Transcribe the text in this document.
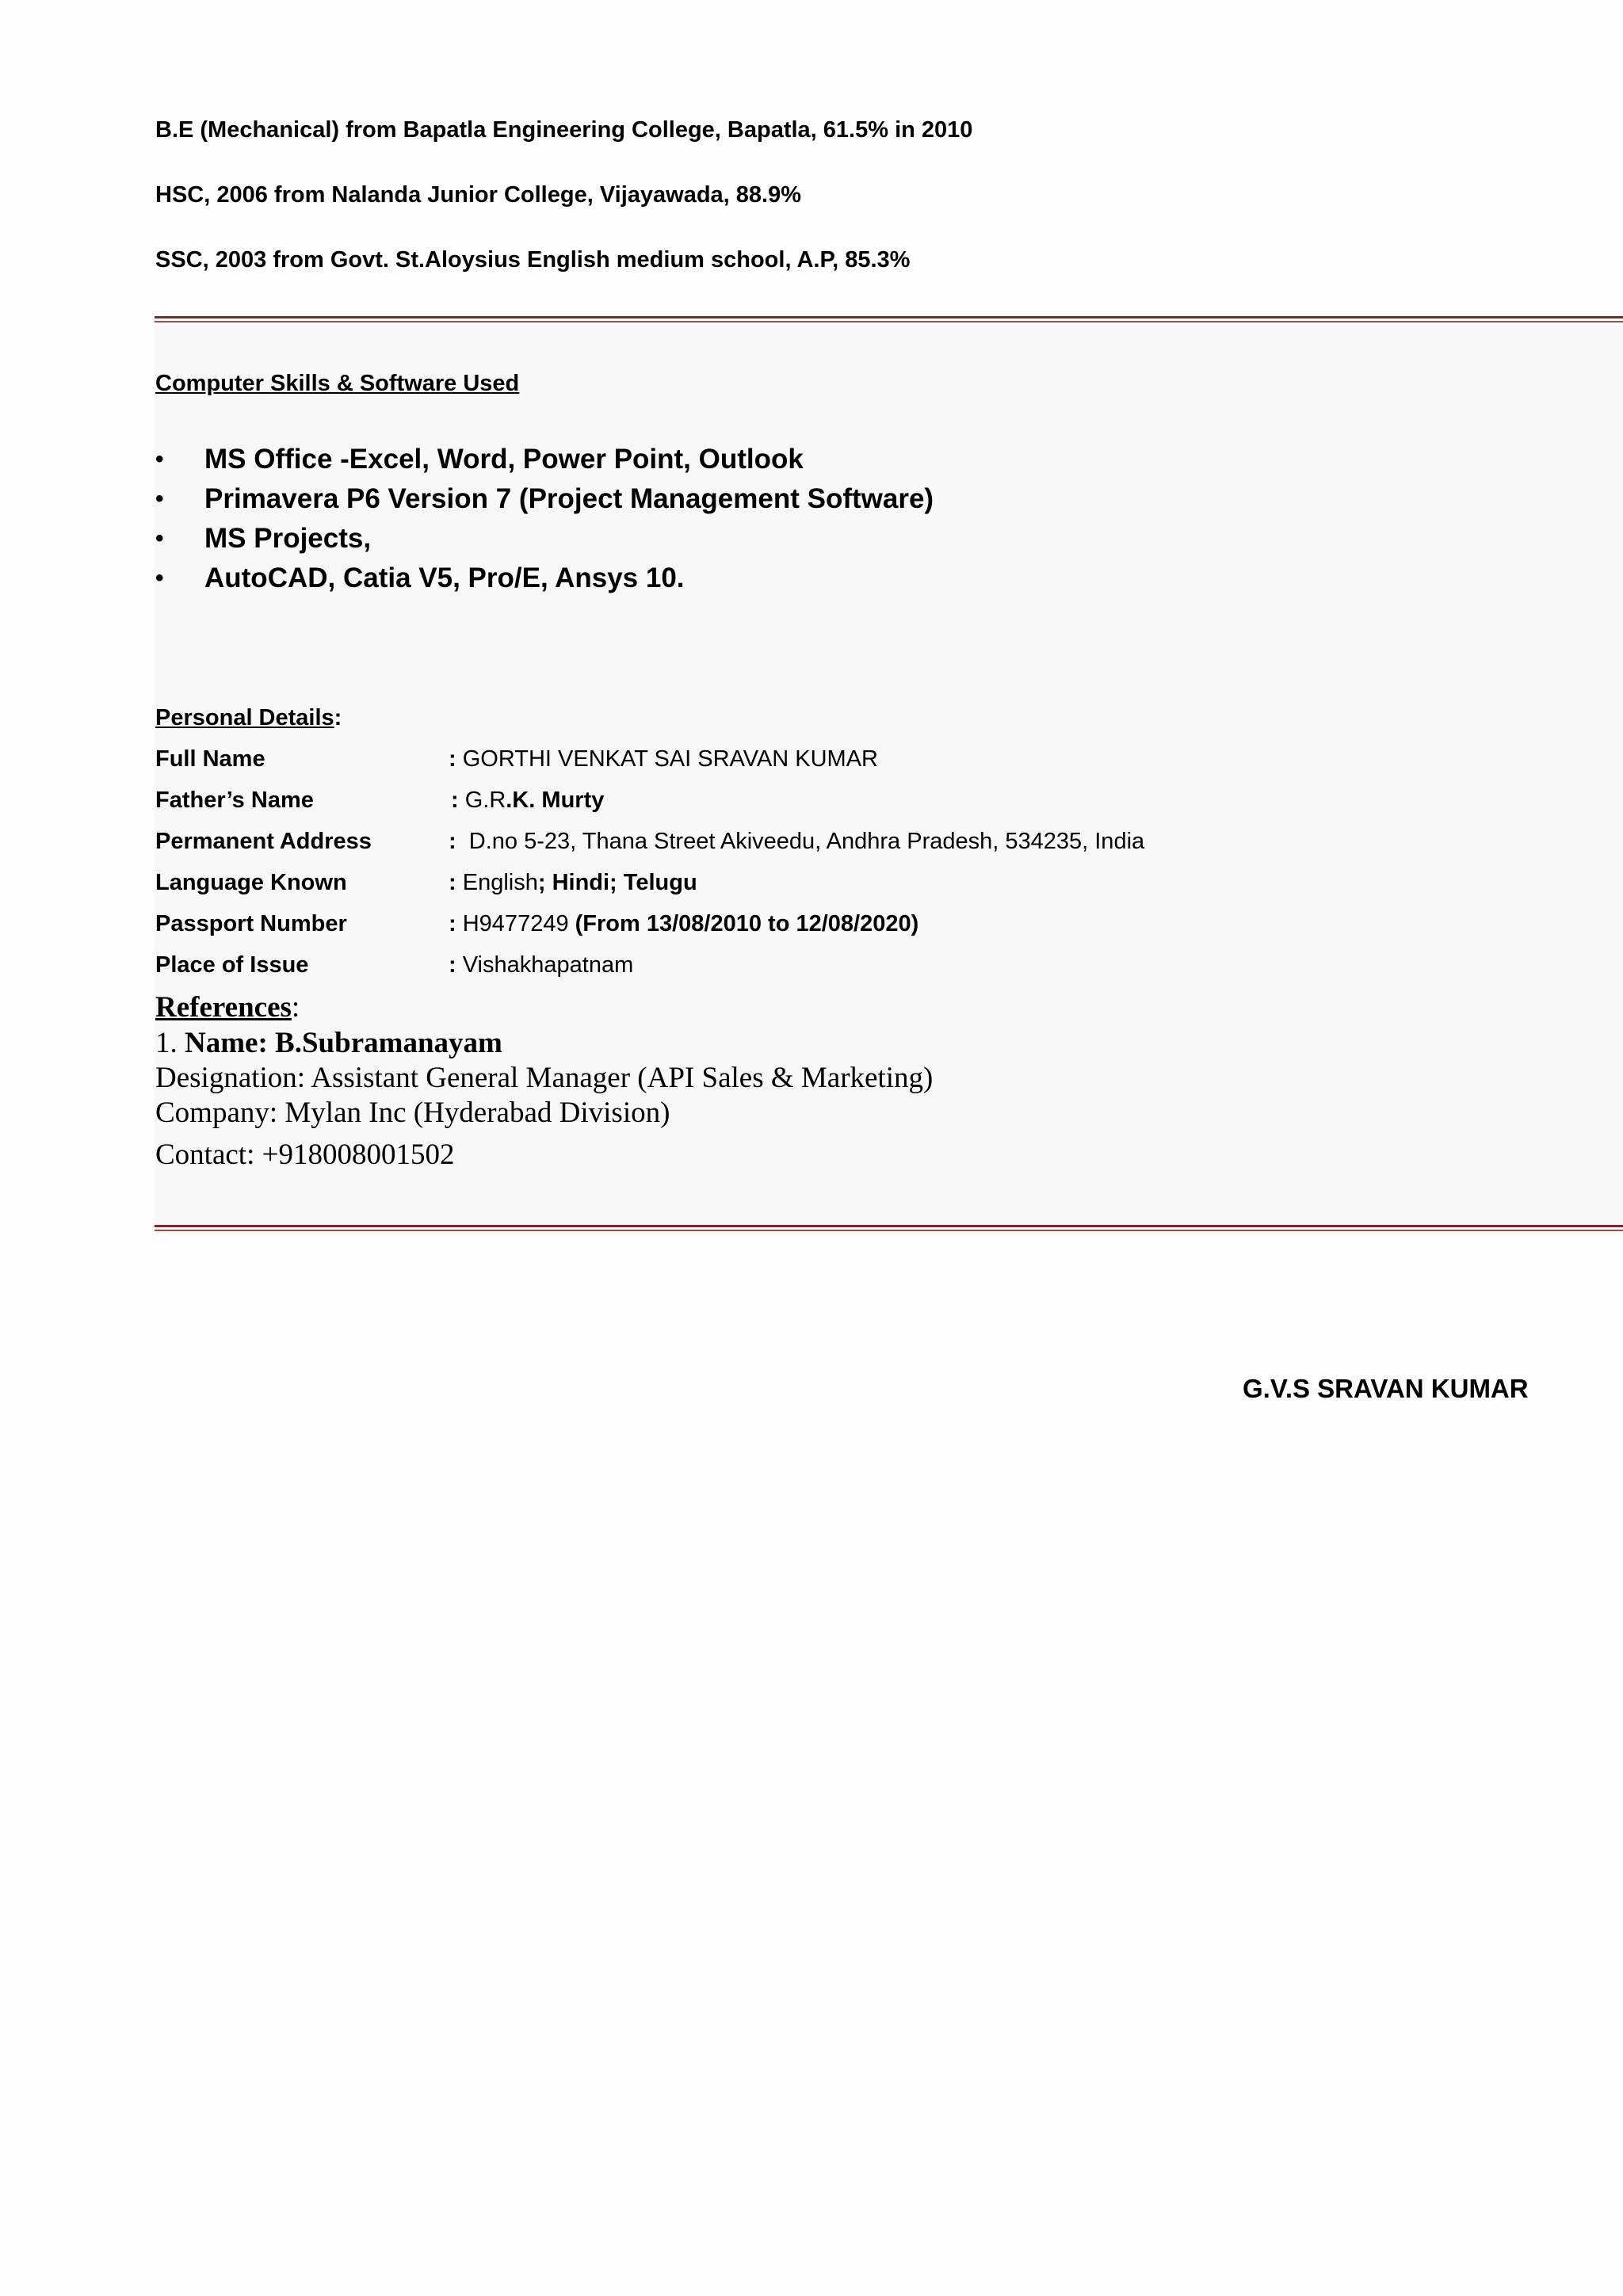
B.E (Mechanical) from Bapatla Engineering College, Bapatla, 61.5% in 2010
HSC, 2006 from Nalanda Junior College, Vijayawada, 88.9%
SSC, 2003 from Govt. St.Aloysius English medium school, A.P, 85.3%
Computer Skills & Software Used
• MS Office -Excel, Word, Power Point, Outlook
• Primavera P6 Version 7 (Project Management Software)
• MS Projects,
• AutoCAD, Catia V5, Pro/E, Ansys 10.
Personal Details:
Full Name	: GORTHI VENKAT SAI SRAVAN KUMAR
Father’s Name	: G.R.K. Murty
Permanent Address	: D.no 5-23, Thana Street Akiveedu, Andhra Pradesh, 534235, India
Language Known	: English; Hindi; Telugu
Passport Number	: H9477249 (From 13/08/2010 to 12/08/2020)
Place of Issue	: Vishakhapatnam
References:
1. Name: B.Subramanayam
Designation: Assistant General Manager (API Sales & Marketing)
Company: Mylan Inc (Hyderabad Division)
Contact: +918008001502
G.V.S SRAVAN KUMAR
